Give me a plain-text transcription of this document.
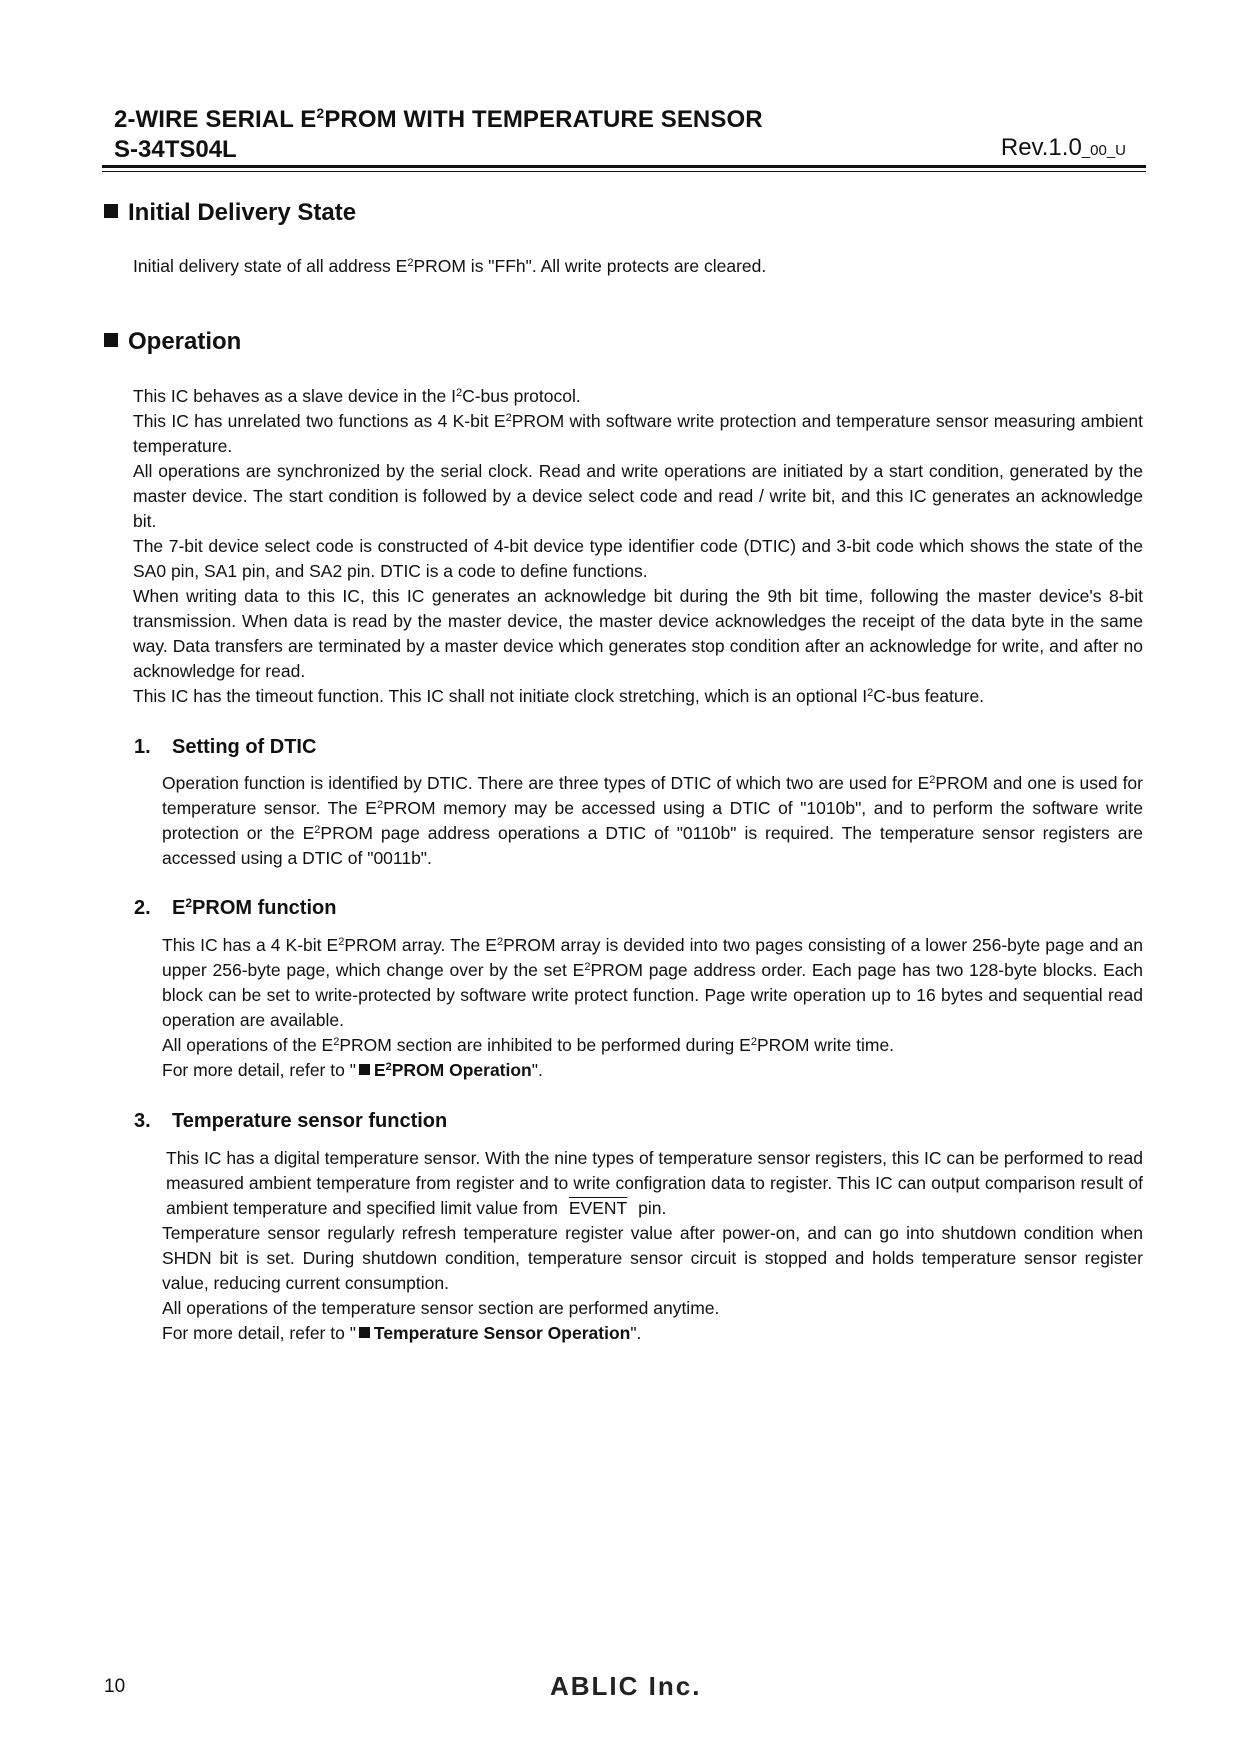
2-WIRE SERIAL $E^2PROM$ WITH TEMPERATURE SENSOR
S-34TS04L	Rev.1.0_00_U
Initial Delivery State

Initial delivery state of all address $E^2PROM$ is "FFh". All write protects are cleared.

Operation
This IC behaves as a slave device in the $I^2C$-bus protocol.
This IC has unrelated two functions as 4 K-bit $E^2PROM$ with software write protection and temperature sensor measuring ambient temperature.
All operations are synchronized by the serial clock. Read and write operations are initiated by a start condition, generated by the master device. The start condition is followed by a device select code and read / write bit, and this IC generates an acknowledge bit.
The 7-bit device select code is constructed of 4-bit device type identifier code (DTIC) and 3-bit code which shows the state of the SA0 pin, SA1 pin, and SA2 pin. DTIC is a code to define functions.
When writing data to this IC, this IC generates an acknowledge bit during the 9th bit time, following the master device's 8-bit transmission. When data is read by the master device, the master device acknowledges the receipt of the data byte in the same way. Data transfers are terminated by a master device which generates stop condition after an acknowledge for write, and after no acknowledge for read.
This IC has the timeout function. This IC shall not initiate clock stretching, which is an optional $I^2C$-bus feature.
1. Setting of DTIC
Operation function is identified by DTIC. There are three types of DTIC of which two are used for $E^2PROM$ and one is used for temperature sensor. The $E^2PROM$ memory may be accessed using a DTIC of "1010b", and to perform the software write protection or the $E^2PROM$ page address operations a DTIC of "0110b" is required. The temperature sensor registers are accessed using a DTIC of "0011b".
2. $E^2PROM$ function
This IC has a 4 K-bit $E^2PROM$ array. The $E^2PROM$ array is devided into two pages consisting of a lower 256-byte page and an upper 256-byte page, which change over by the set $E^2PROM$ page address order. Each page has two 128-byte blocks. Each block can be set to write-protected by software write protect function. Page write operation up to 16 bytes and sequential read operation are available.
All operations of the $E^2PROM$ section are inhibited to be performed during $E^2PROM$ write time.
For more detail, refer to " $E^2PROM$ Operation".
3. Temperature sensor function
This IC has a digital temperature sensor. With the nine types of temperature sensor registers, this IC can be performed to read measured ambient temperature from register and to write configration data to register. This IC can output comparison result of ambient temperature and specified limit value from EVENT pin.
Temperature sensor regularly refresh temperature register value after power-on, and can go into shutdown condition when SHDN bit is set. During shutdown condition, temperature sensor circuit is stopped and holds temperature sensor register value, reducing current consumption.
All operations of the temperature sensor section are performed anytime.
For more detail, refer to " Temperature Sensor Operation".
10	ABLIC Inc.
